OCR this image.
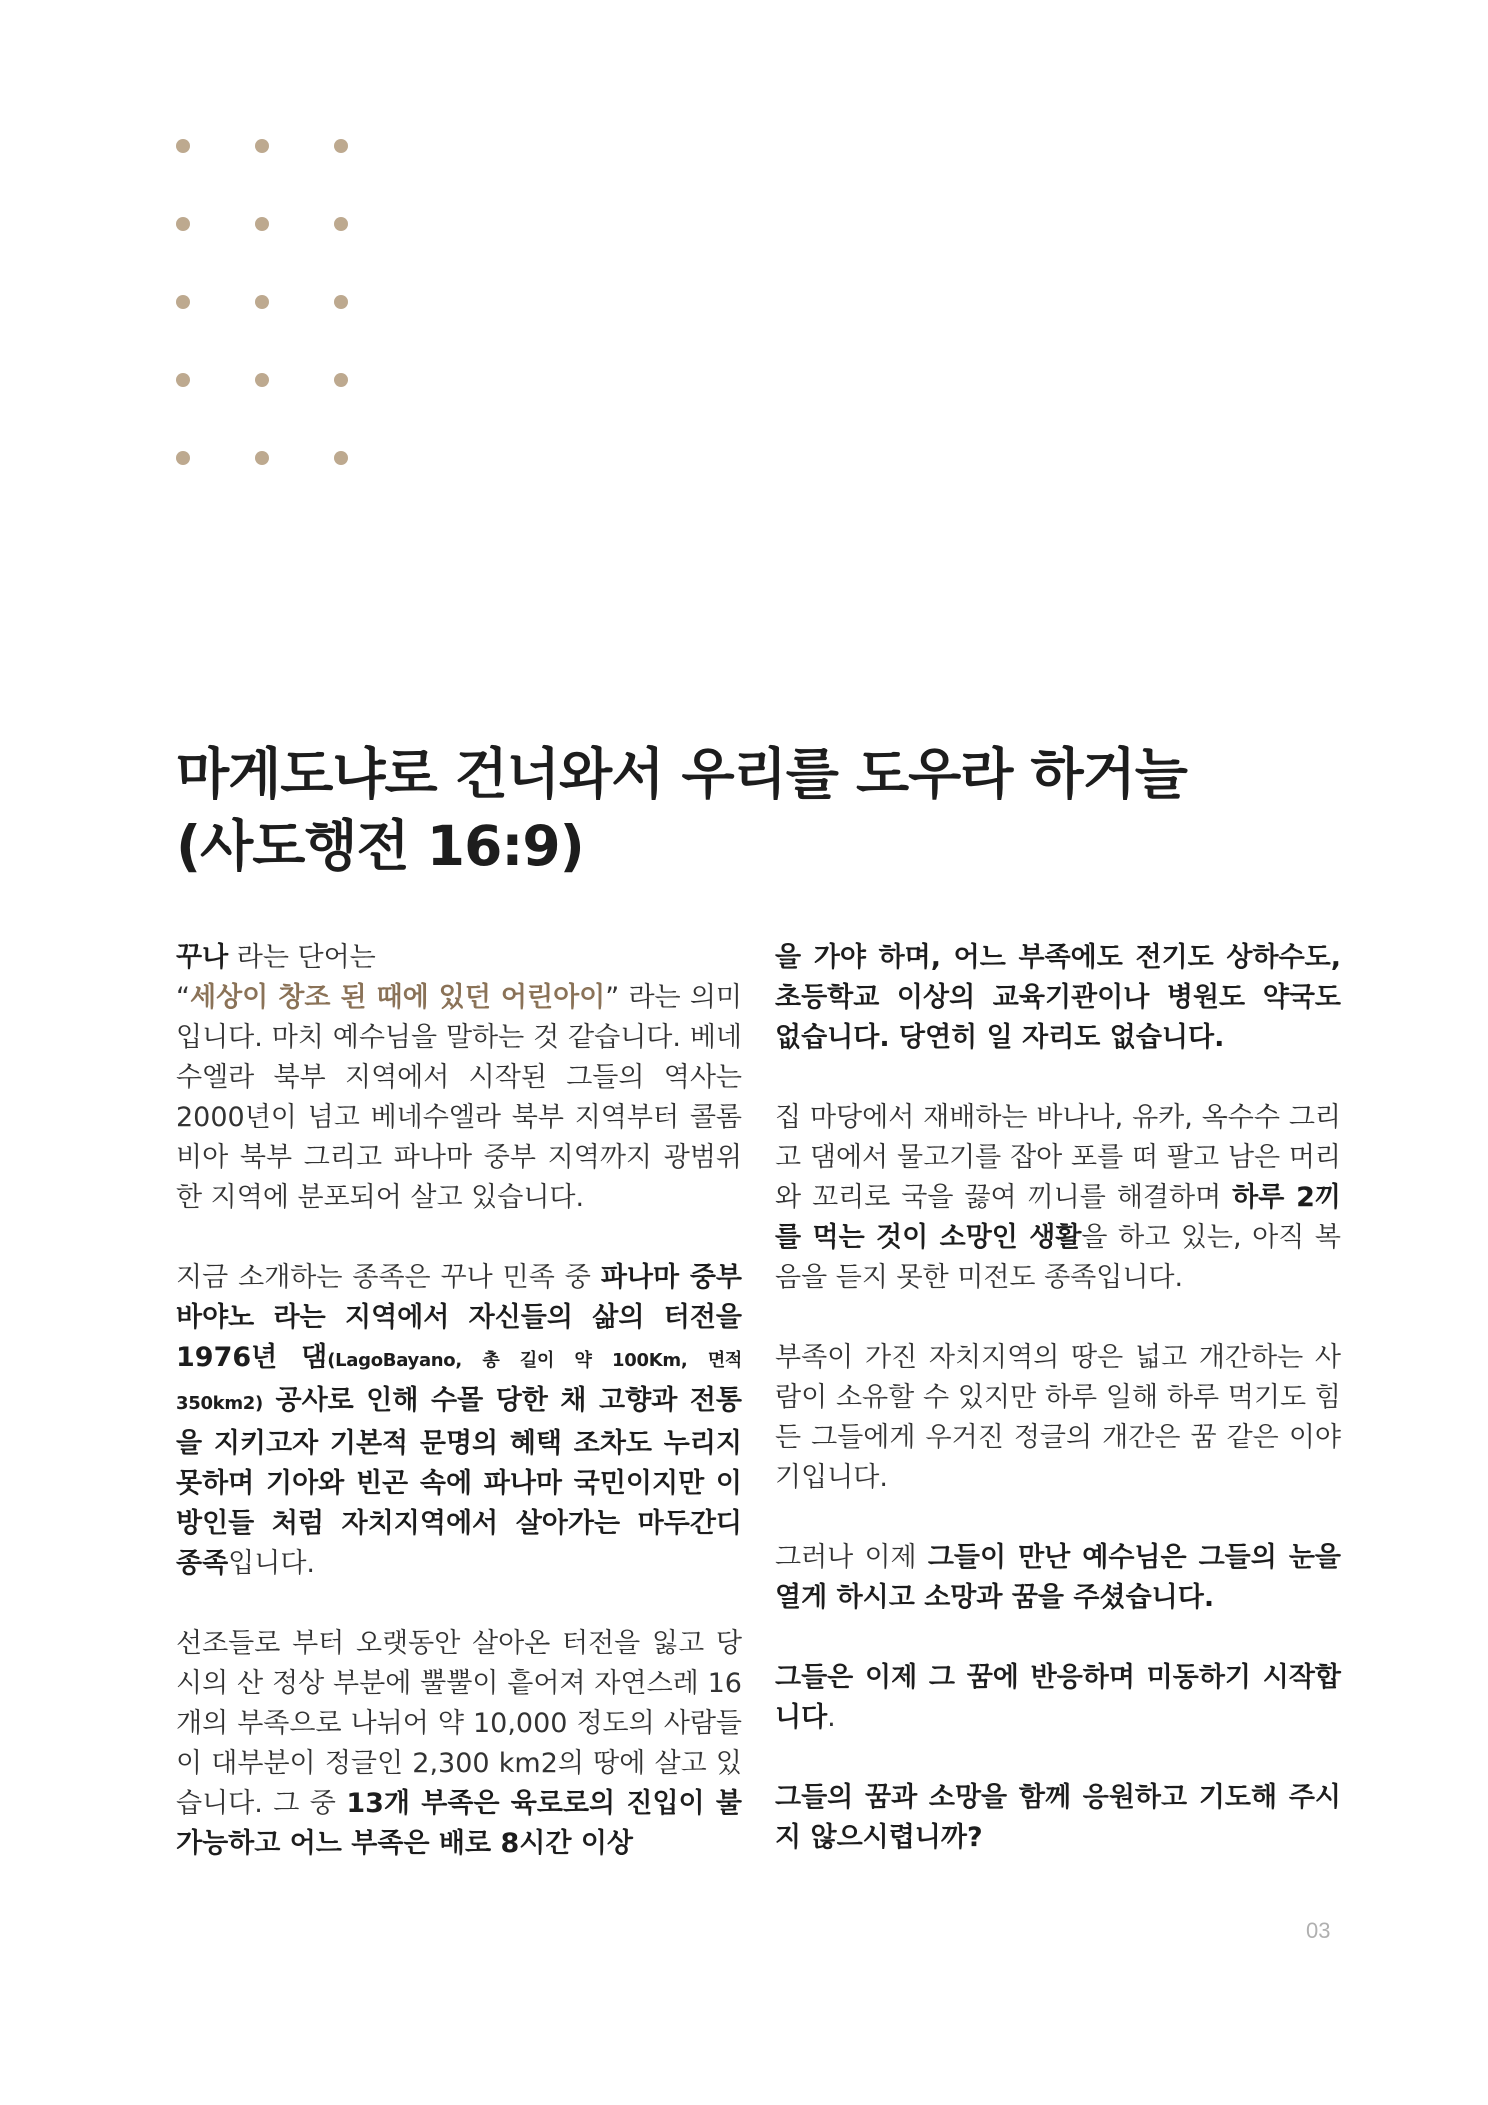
마게도냐로 건너와서 우리를 도우라 하거늘
(사도행전 16:9)

꾸나 라는 단어는
“세상이 창조 된 때에 있던 어린아이” 라는 의미입니다. 마치 예수님을 말하는 것 같습니다. 베네수엘라 북부 지역에서 시작된 그들의 역사는 2000년이 넘고 베네수엘라 북부 지역부터 콜롬비아 북부 그리고 파나마 중부 지역까지 광범위한 지역에 분포되어 살고 있습니다.

지금 소개하는 종족은 꾸나 민족 중 파나마 중부 바야노 라는 지역에서 자신들의 삶의 터전을 1976년 댐(LagoBayano, 총 길이 약 100Km, 면적 350km2) 공사로 인해 수몰 당한 채 고향과 전통을 지키고자 기본적 문명의 혜택 조차도 누리지 못하며 기아와 빈곤 속에 파나마 국민이지만 이방인들 처럼 자치지역에서 살아가는 마두간디 종족입니다.

선조들로 부터 오랫동안 살아온 터전을 잃고 당시의 산 정상 부분에 뿔뿔이 흩어져 자연스레 16개의 부족으로 나뉘어 약 10,000 정도의 사람들이 대부분이 정글인 2,300 km2의 땅에 살고 있습니다. 그 중 13개 부족은 육로로의 진입이 불가능하고 어느 부족은 배로 8시간 이상

을 가야 하며, 어느 부족에도 전기도 상하수도, 초등학교 이상의 교육기관이나 병원도 약국도 없습니다. 당연히 일 자리도 없습니다.

집 마당에서 재배하는 바나나, 유카, 옥수수 그리고 댐에서 물고기를 잡아 포를 떠 팔고 남은 머리와 꼬리로 국을 끓여 끼니를 해결하며 하루 2끼를 먹는 것이 소망인 생활을 하고 있는, 아직 복음을 듣지 못한 미전도 종족입니다.

부족이 가진 자치지역의 땅은 넓고 개간하는 사람이 소유할 수 있지만 하루 일해 하루 먹기도 힘든 그들에게 우거진 정글의 개간은 꿈 같은 이야기입니다.

그러나 이제 그들이 만난 예수님은 그들의 눈을 열게 하시고 소망과 꿈을 주셨습니다.

그들은 이제 그 꿈에 반응하며 미동하기 시작합니다.

그들의 꿈과 소망을 함께 응원하고 기도해 주시지 않으시렵니까?

03
